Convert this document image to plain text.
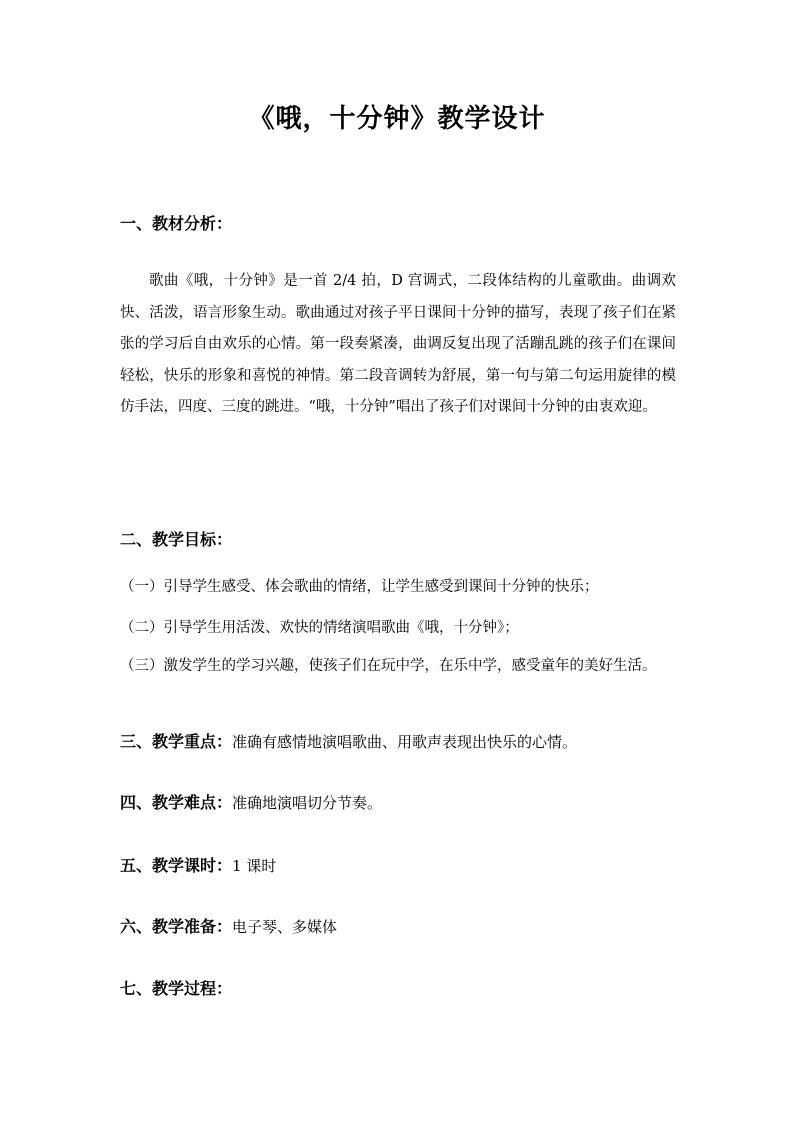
《哦，十分钟》教学设计
一、教材分析：
歌曲《哦，十分钟》是一首 2/4 拍，D 宫调式，二段体结构的儿童歌曲。曲调欢快、活泼，语言形象生动。歌曲通过对孩子平日课间十分钟的描写，表现了孩子们在紧张的学习后自由欢乐的心情。第一段奏紧凑，曲调反复出现了活蹦乱跳的孩子们在课间轻松，快乐的形象和喜悦的神情。第二段音调转为舒展，第一句与第二句运用旋律的模仿手法，四度、三度的跳进。“哦，十分钟”唱出了孩子们对课间十分钟的由衷欢迎。
二、教学目标：
（一）引导学生感受、体会歌曲的情绪，让学生感受到课间十分钟的快乐；
（二）引导学生用活泼、欢快的情绪演唱歌曲《哦，十分钟》；
（三）激发学生的学习兴趣，使孩子们在玩中学，在乐中学，感受童年的美好生活。
三、教学重点：准确有感情地演唱歌曲、用歌声表现出快乐的心情。
四、教学难点：准确地演唱切分节奏。
五、教学课时：1 课时
六、教学准备：电子琴、多媒体
七、教学过程：
